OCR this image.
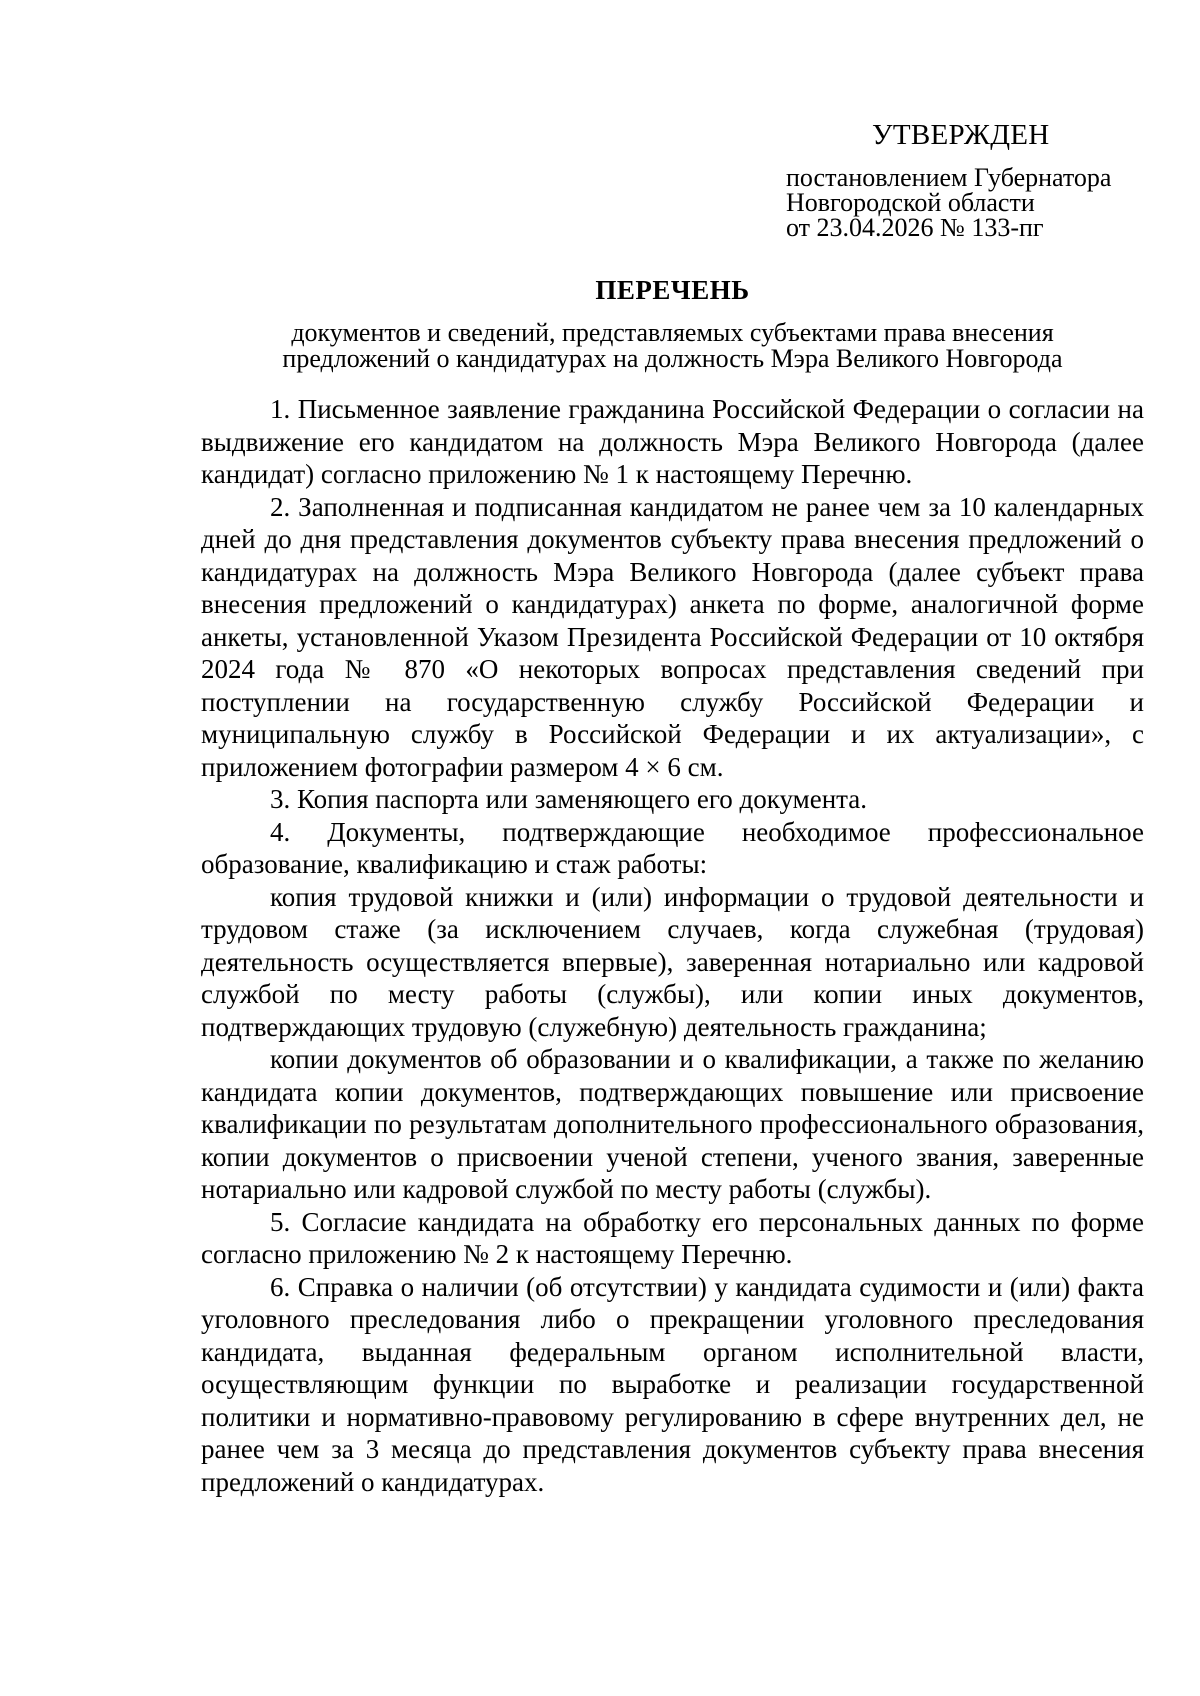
УТВЕРЖДЕН

постановлением Губернатора

Новгородской области

от 23.04.2026 № 133-пг

ПЕРЕЧЕНЬ

документов и сведений, представляемых субъектами права внесения

предложений о кандидатурах на должность Мэра Великого Новгорода

1. Письменное заявление гражданина Российской Федерации о согласии на выдвижение его кандидатом на должность Мэра Великого Новгорода (далее кандидат) согласно приложению № 1 к настоящему Перечню.

2. Заполненная и подписанная кандидатом не ранее чем за 10 календарных дней до дня представления документов субъекту права внесения предложений о кандидатурах на должность Мэра Великого Новгорода (далее субъект права внесения предложений о кандидатурах) анкета по форме, аналогичной форме анкеты, установленной Указом Президента Российской Федерации от 10 октября 2024 года № 870 «О некоторых вопросах представления сведений при поступлении на государственную службу Российской Федерации и муниципальную службу в Российской Федерации и их актуализации», с приложением фотографии размером 4 × 6 см.

3. Копия паспорта или заменяющего его документа.

4. Документы, подтверждающие необходимое профессиональное образование, квалификацию и стаж работы:

копия трудовой книжки и (или) информации о трудовой деятельности и трудовом стаже (за исключением случаев, когда служебная (трудовая) деятельность осуществляется впервые), заверенная нотариально или кадровой службой по месту работы (службы), или копии иных документов, подтверждающих трудовую (служебную) деятельность гражданина;

копии документов об образовании и о квалификации, а также по желанию кандидата копии документов, подтверждающих повышение или присвоение квалификации по результатам дополнительного профессионального образования, копии документов о присвоении ученой степени, ученого звания, заверенные нотариально или кадровой службой по месту работы (службы).

5. Согласие кандидата на обработку его персональных данных по форме согласно приложению № 2 к настоящему Перечню.

6. Справка о наличии (об отсутствии) у кандидата судимости и (или) факта уголовного преследования либо о прекращении уголовного преследования кандидата, выданная федеральным органом исполнительной власти, осуществляющим функции по выработке и реализации государственной политики и нормативно-правовому регулированию в сфере внутренних дел, не ранее чем за 3 месяца до представления документов субъекту права внесения предложений о кандидатурах.
